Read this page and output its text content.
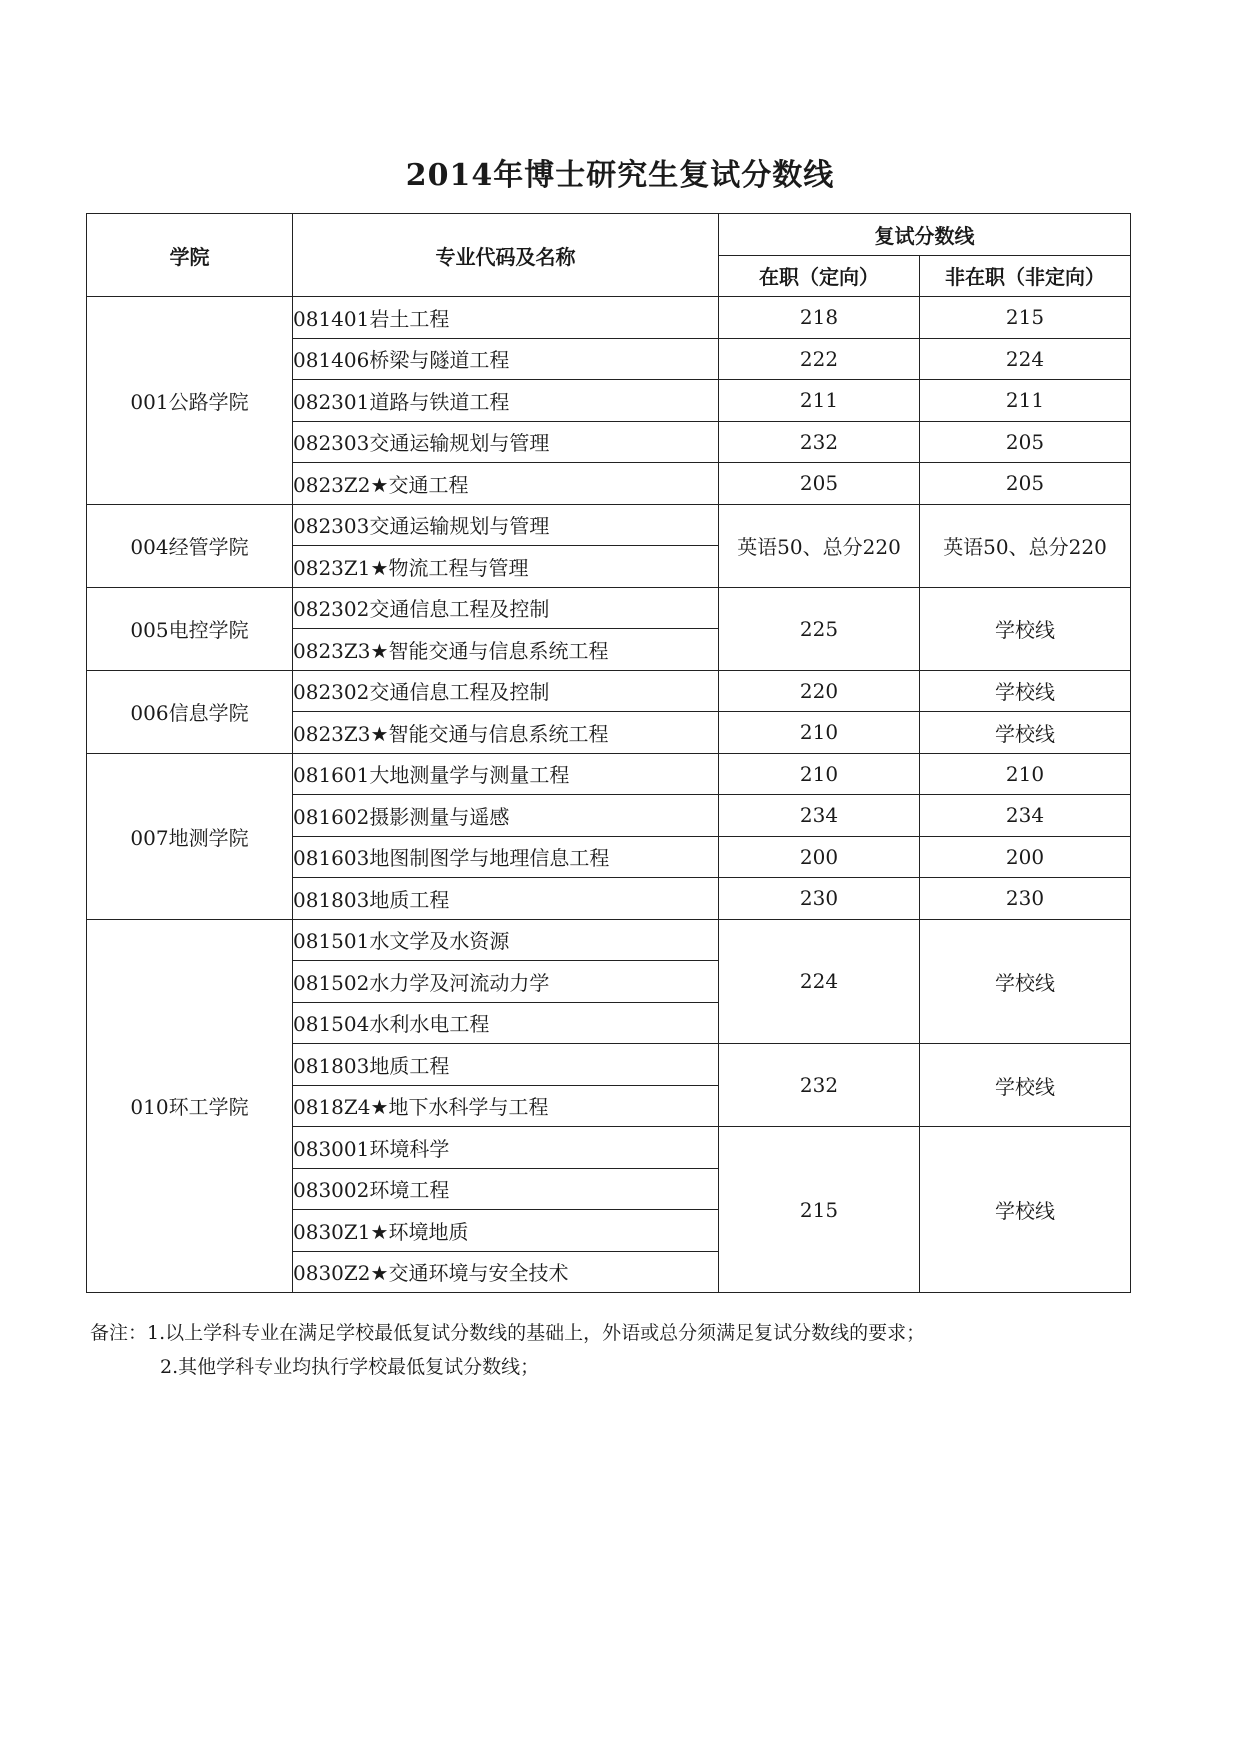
2014年博士研究生复试分数线
学院	专业代码及名称	复试分数线	
		在职（定向）	非在职（非定向）
001公路学院	081401岩土工程	218	215
	081406桥梁与隧道工程	222	224
	082301道路与铁道工程	211	211
	082303交通运输规划与管理	232	205
	0823Z2★交通工程	205	205
004经管学院	082303交通运输规划与管理	英语50、总分220	英语50、总分220
	0823Z1★物流工程与管理		
005电控学院	082302交通信息工程及控制	225	学校线
	0823Z3★智能交通与信息系统工程		
006信息学院	082302交通信息工程及控制	220	学校线
	0823Z3★智能交通与信息系统工程	210	学校线
007地测学院	081601大地测量学与测量工程	210	210
	081602摄影测量与遥感	234	234
	081603地图制图学与地理信息工程	200	200
	081803地质工程	230	230
010环工学院	081501水文学及水资源	224	学校线
	081502水力学及河流动力学		
	081504水利水电工程		
	081803地质工程	232	学校线
	0818Z4★地下水科学与工程		
	083001环境科学	215	学校线
	083002环境工程		
	0830Z1★环境地质		
	0830Z2★交通环境与安全技术		
备注：1.以上学科专业在满足学校最低复试分数线的基础上，外语或总分须满足复试分数线的要求；
2.其他学科专业均执行学校最低复试分数线；
